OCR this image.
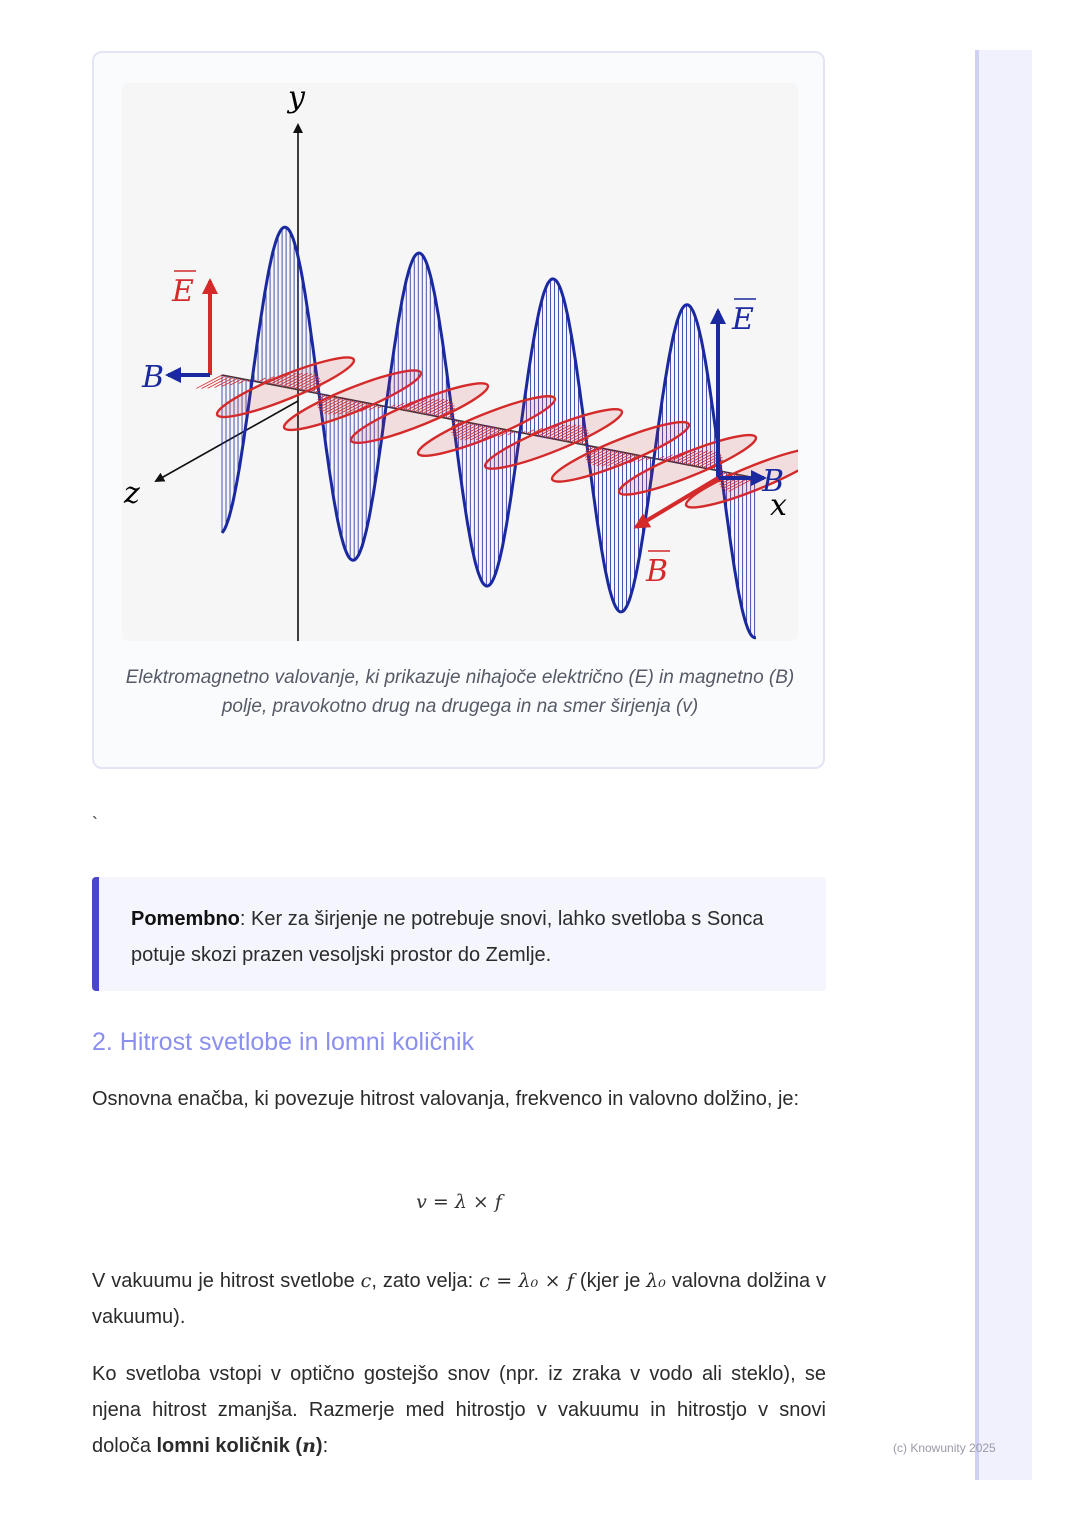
y
z	x
E
B
E
B
B
Elektromagnetno valovanje, ki prikazuje nihajoče električno (E) in magnetno (B) polje, pravokotno drug na drugega in na smer širjenja (v)
`
Pomembno: Ker za širjenje ne potrebuje snovi, lahko svetloba s Sonca potuje skozi prazen vesoljski prostor do Zemlje.
2. Hitrost svetlobe in lomni količnik

Osnovna enačba, ki povezuje hitrost valovanja, frekvenco in valovno dolžino, je:

v = λ × f

V vakuumu je hitrost svetlobe c, zato velja: c = λ₀ × f (kjer je λ₀ valovna dolžina v vakuumu).

Ko svetloba vstopi v optično gostejšo snov (npr. iz zraka v vodo ali steklo), se njena hitrost zmanjša. Razmerje med hitrostjo v vakuumu in hitrostjo v snovi določa lomni količnik (n):	(c) Knowunity 2025
